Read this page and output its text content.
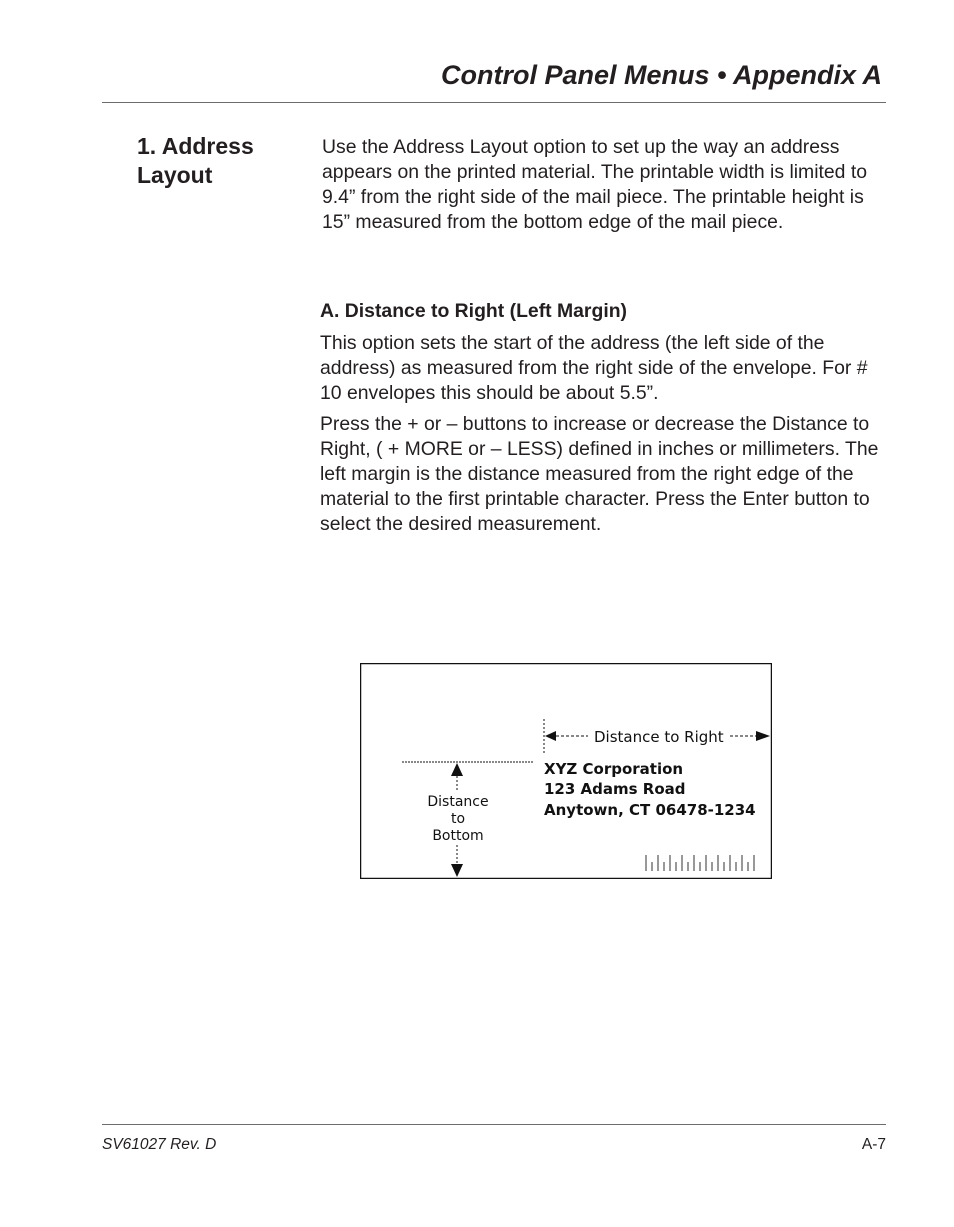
Control Panel Menus • Appendix A
1. Address Layout
Use the Address Layout option to set up the way an address appears on the printed material. The printable width is limited to 9.4” from the right side of the mail piece. The printable height is 15” measured from the bottom edge of the mail piece.
A. Distance to Right (Left Margin)
This option sets the start of the address (the left side of the address) as measured from the right side of the envelope. For # 10 envelopes this should be about 5.5”.
Press the + or – buttons to increase or decrease the Distance to Right, ( + MORE or – LESS) defined in inches or millimeters. The left margin is the distance measured from the right edge of the material to the first printable character. Press the Enter button to select the desired measurement.
Distance to Right
Distance
to
Bottom
XYZ Corporation
123 Adams Road
Anytown, CT 06478-1234
SV61027 Rev. D	A-7
